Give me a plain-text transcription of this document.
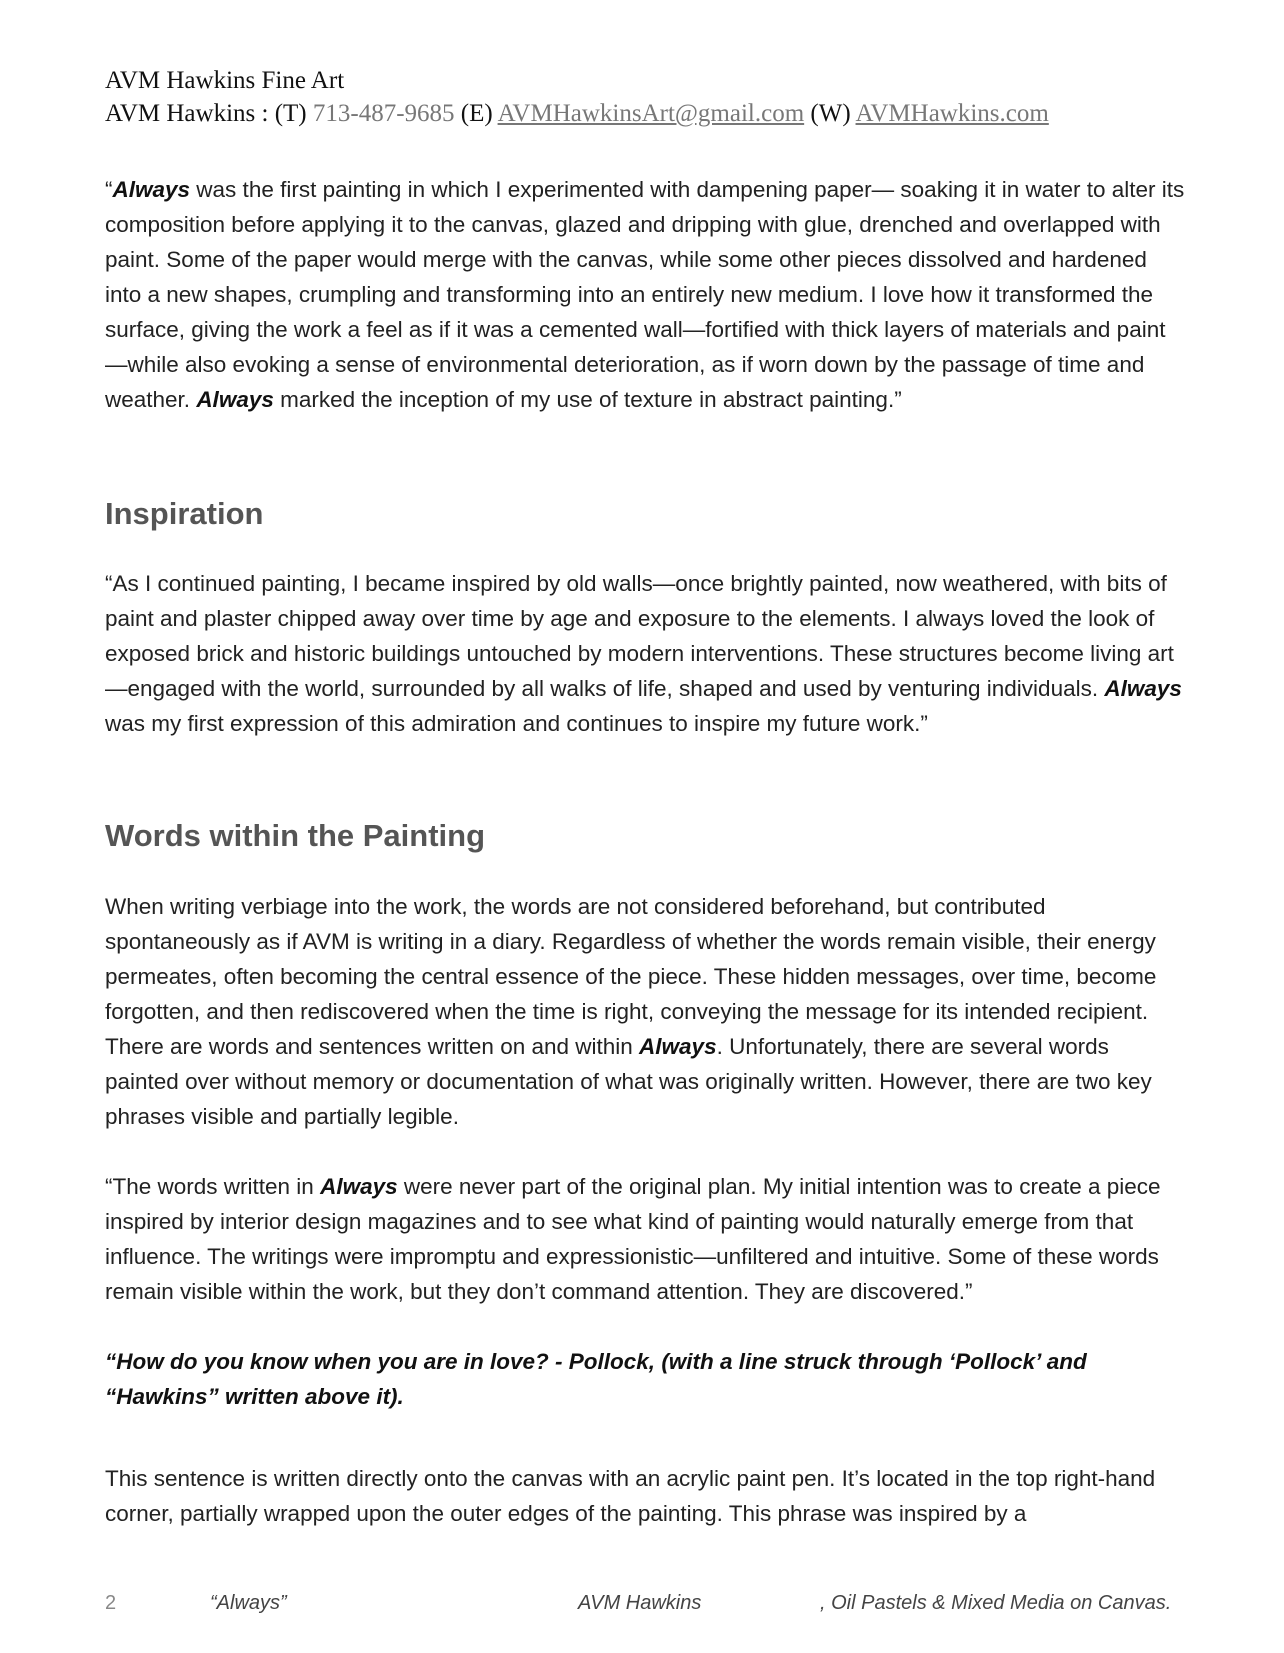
AVM Hawkins Fine Art
AVM Hawkins : (T) 713-487-9685 (E) AVMHawkinsArt@gmail.com (W) AVMHawkins.com

“Always was the first painting in which I experimented with dampening paper— soaking it in water to alter its composition before applying it to the canvas, glazed and dripping with glue, drenched and overlapped with paint. Some of the paper would merge with the canvas, while some other pieces dissolved and hardened into a new shapes, crumpling and transforming into an entirely new medium. I love how it transformed the surface, giving the work a feel as if it was a cemented wall—fortified with thick layers of materials and paint—while also evoking a sense of environmental deterioration, as if worn down by the passage of time and weather. Always marked the inception of my use of texture in abstract painting.”

Inspiration

“As I continued painting, I became inspired by old walls—once brightly painted, now weathered, with bits of paint and plaster chipped away over time by age and exposure to the elements. I always loved the look of exposed brick and historic buildings untouched by modern interventions. These structures become living art—engaged with the world, surrounded by all walks of life, shaped and used by venturing individuals. Always was my first expression of this admiration and continues to inspire my future work.”

Words within the Painting

When writing verbiage into the work, the words are not considered beforehand, but contributed spontaneously as if AVM is writing in a diary. Regardless of whether the words remain visible, their energy permeates, often becoming the central essence of the piece. These hidden messages, over time, become forgotten, and then rediscovered when the time is right, conveying the message for its intended recipient. There are words and sentences written on and within Always. Unfortunately, there are several words painted over without memory or documentation of what was originally written. However, there are two key phrases visible and partially legible.

“The words written in Always were never part of the original plan. My initial intention was to create a piece inspired by interior design magazines and to see what kind of painting would naturally emerge from that influence. The writings were impromptu and expressionistic—unfiltered and intuitive. Some of these words remain visible within the work, but they don’t command attention. They are discovered.”

“How do you know when you are in love? - Pollock, (with a line struck through ‘Pollock’ and “Hawkins” written above it).

This sentence is written directly onto the canvas with an acrylic paint pen. It’s located in the top right-hand corner, partially wrapped upon the outer edges of the painting. This phrase was inspired by a

2	“Always”	AVM Hawkins	, Oil Pastels & Mixed Media on Canvas.
